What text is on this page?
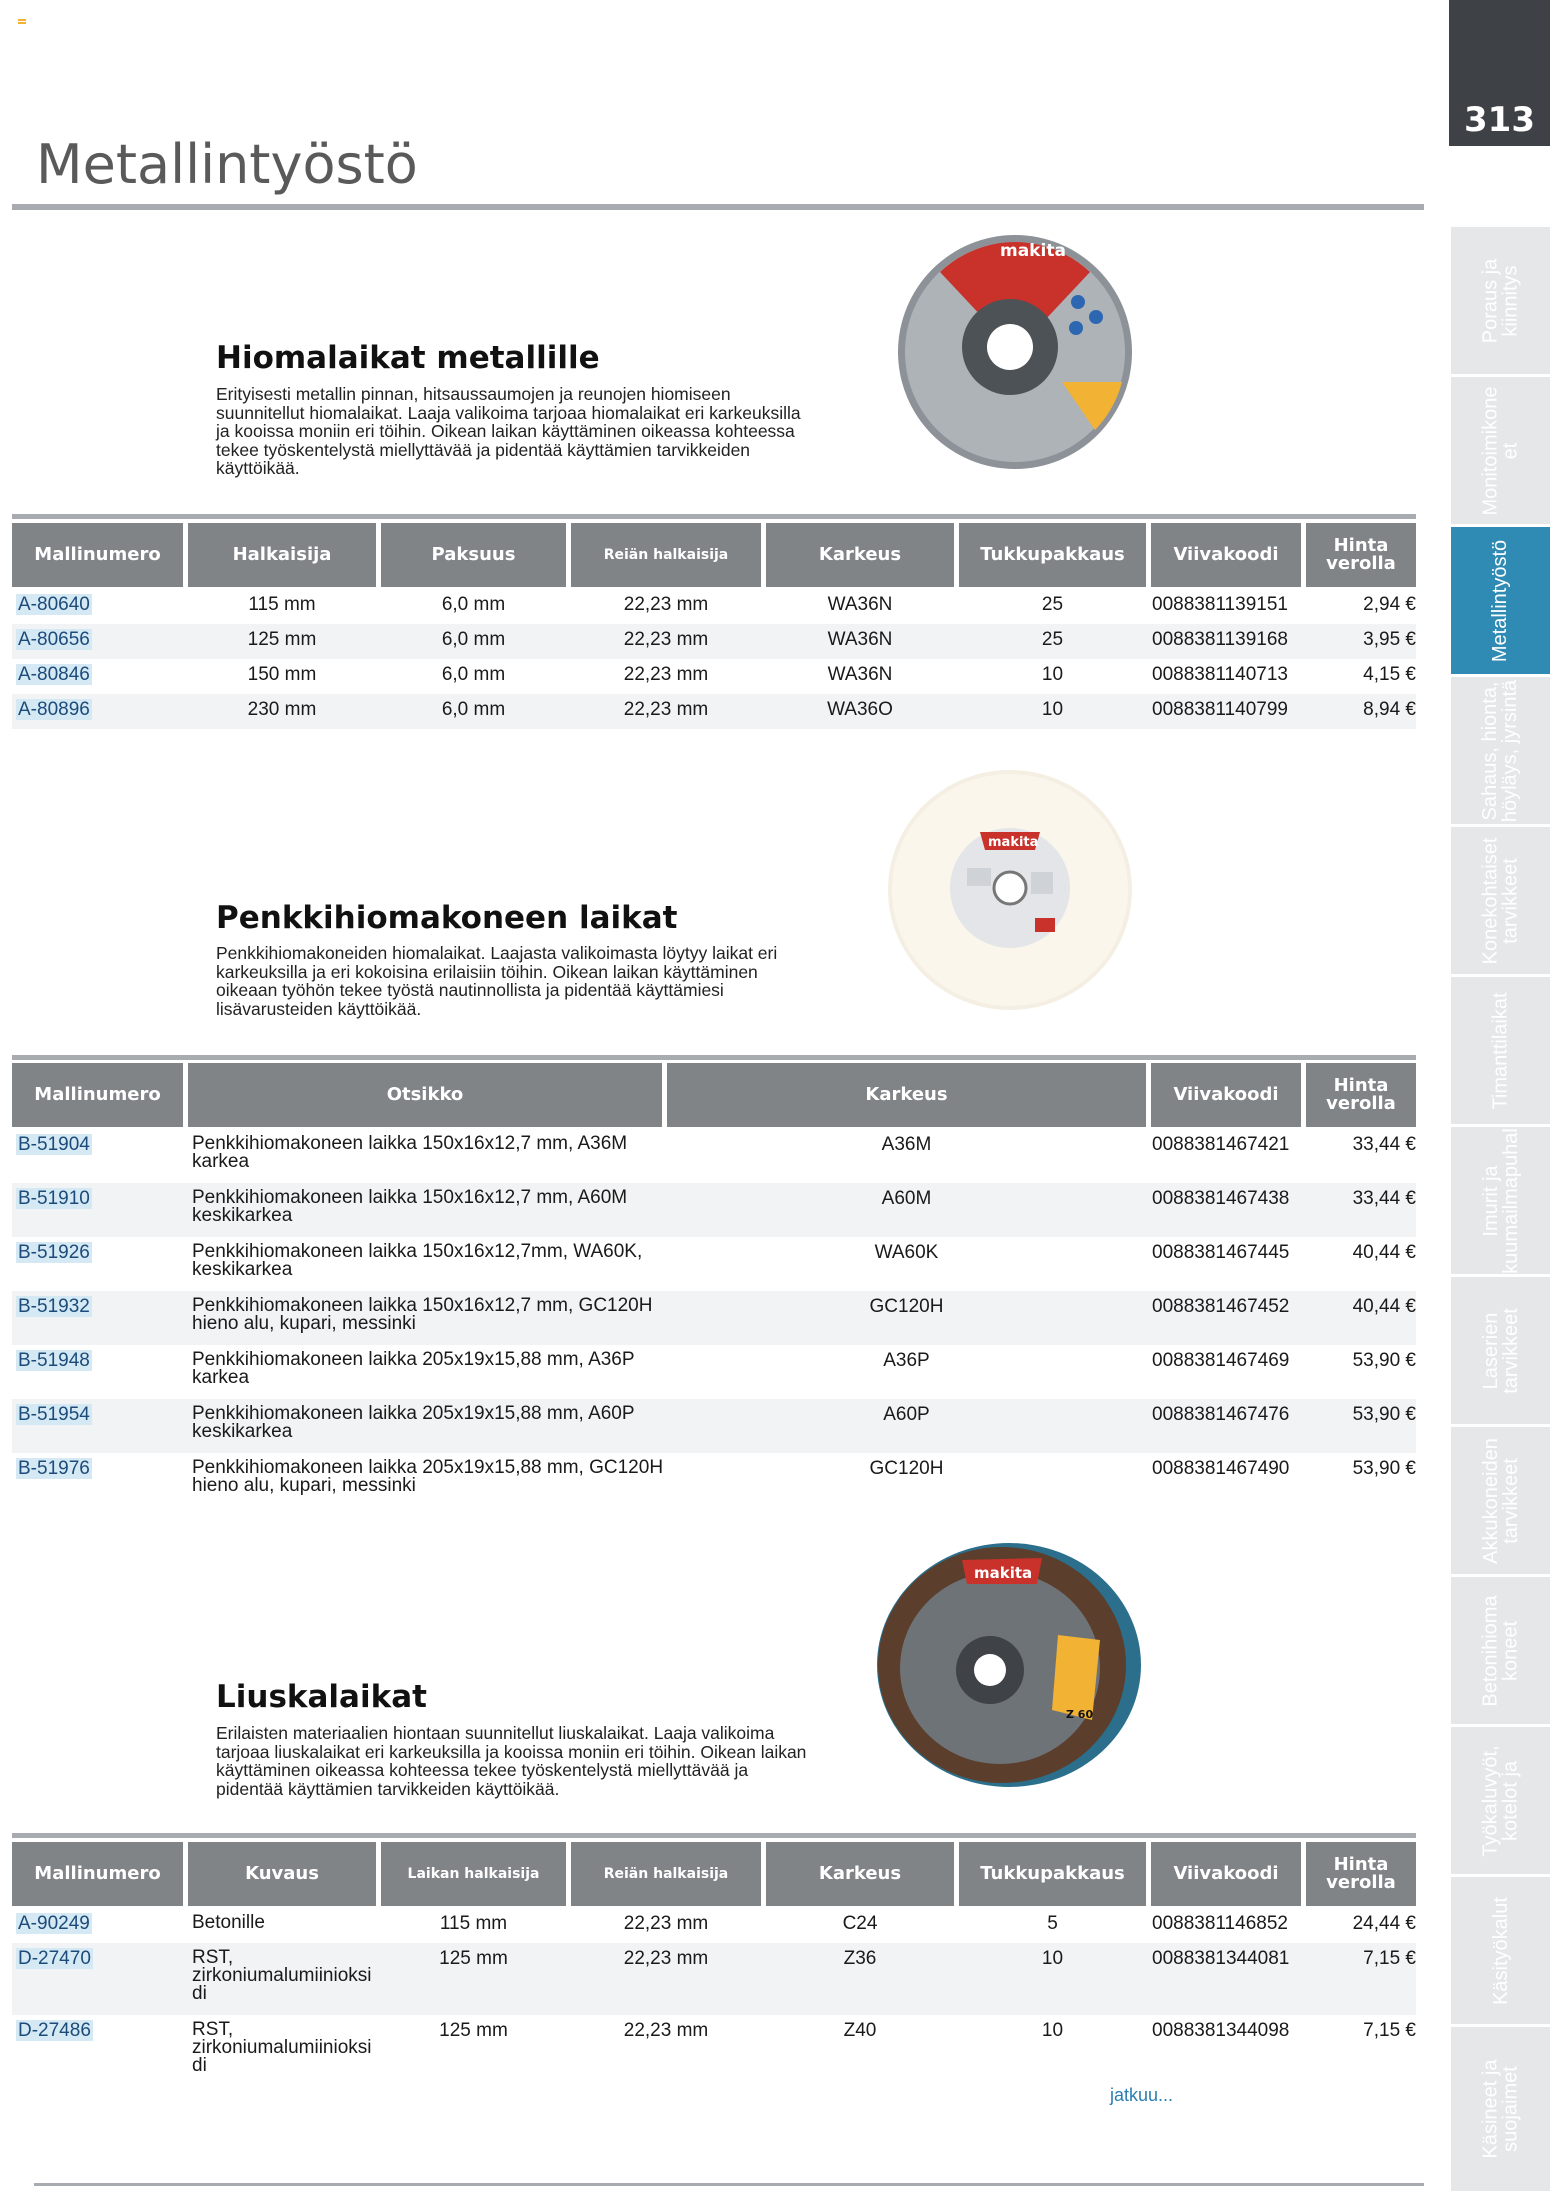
313
Metallintyöstö
Poraus ja
kiinnitys
Monitoimikone
et
Metallintyöstö
Sahaus, hionta,
höyläys, jyrsintä
Konekohtaiset
tarvikkeet
Timanttilaikat
Imurit ja
kuumailmapuhal
Laserien
tarvikkeet
Akkukoneiden
tarvikkeet
Betonihioma
koneet
Työkaluvyöt,
kotelot ja
Käsityökalut
Käsineet ja
suojaimet
makita
Hiomalaikat metallille

Erityisesti metallin pinnan, hitsaussaumojen ja reunojen hiomiseen suunnitellut hiomalaikat. Laaja valikoima tarjoaa hiomalaikat eri karkeuksilla ja kooissa moniin eri töihin. Oikean laikan käyttäminen oikeassa kohteessa tekee työskentelystä miellyttävää ja pidentää käyttämien tarvikkeiden käyttöikää.

Mallinumero	Halkaisija	Paksuus	Reiän halkaisija	Karkeus	Tukkupakkaus	Viivakoodi	Hinta
verolla
A-80640	115 mm	6,0 mm	22,23 mm	WA36N	25	0088381139151	2,94 €
A-80656	125 mm	6,0 mm	22,23 mm	WA36N	25	0088381139168	3,95 €
A-80846	150 mm	6,0 mm	22,23 mm	WA36N	10	0088381140713	4,15 €
A-80896	230 mm	6,0 mm	22,23 mm	WA36O	10	0088381140799	8,94 €
makita
Penkkihiomakoneen laikat

Penkkihiomakoneiden hiomalaikat. Laajasta valikoimasta löytyy laikat eri karkeuksilla ja eri kokoisina erilaisiin töihin. Oikean laikan käyttäminen oikeaan työhön tekee työstä nautinnollista ja pidentää käyttämiesi lisävarusteiden käyttöikää.

Mallinumero	Otsikko	Karkeus	Viivakoodi	Hinta
verolla
B-51904	Penkkihiomakoneen laikka 150x16x12,7 mm, A36M
karkea
A36M	0088381467421	33,44 €
B-51910	Penkkihiomakoneen laikka 150x16x12,7 mm, A60M
keskikarkea
A60M	0088381467438	33,44 €
B-51926	Penkkihiomakoneen laikka 150x16x12,7mm, WA60K,
keskikarkea
WA60K	0088381467445	40,44 €
B-51932	Penkkihiomakoneen laikka 150x16x12,7 mm, GC120H
hieno alu, kupari, messinki
GC120H	0088381467452	40,44 €
B-51948	Penkkihiomakoneen laikka 205x19x15,88 mm, A36P
karkea
A36P	0088381467469	53,90 €
B-51954	Penkkihiomakoneen laikka 205x19x15,88 mm, A60P
keskikarkea
A60P	0088381467476	53,90 €
B-51976	Penkkihiomakoneen laikka 205x19x15,88 mm, GC120H
hieno alu, kupari, messinki
GC120H	0088381467490	53,90 €
makita
Z 60
Liuskalaikat

Erilaisten materiaalien hiontaan suunnitellut liuskalaikat. Laaja valikoima tarjoaa liuskalaikat eri karkeuksilla ja kooissa moniin eri töihin. Oikean laikan käyttäminen oikeassa kohteessa tekee työskentelystä miellyttävää ja pidentää käyttämien tarvikkeiden käyttöikää.

Mallinumero	Kuvaus	Laikan halkaisija	Reiän halkaisija	Karkeus	Tukkupakkaus	Viivakoodi	Hinta
verolla
A-90249	Betonille	115 mm	22,23 mm	C24	5	0088381146852	24,44 €
D-27470	RST,
zirkoniumalumiinioksi
di
125 mm	22,23 mm	Z36	10	0088381344081	7,15 €
D-27486	RST,
zirkoniumalumiinioksi
di
125 mm	22,23 mm	Z40	10	0088381344098	7,15 €
jatkuu...
